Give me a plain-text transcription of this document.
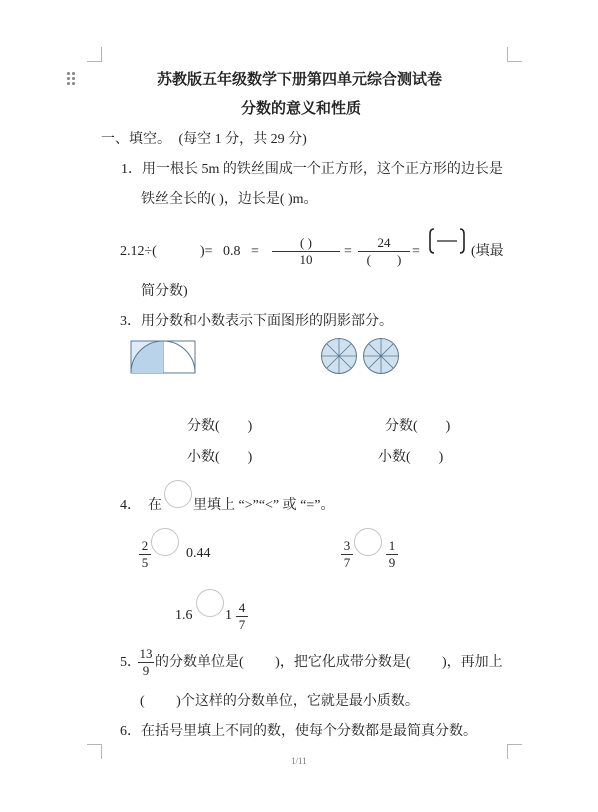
苏教版五年级数学下册第四单元综合测试卷
分数的意义和性质
一、填空。 (每空 1 分，共 29 分)
1．用一根长 5m 的铁丝围成一个正方形，这个正方形的边长是
铁丝全长的( )，边长是( )m。
2.12÷(	)=   0.8   =
( )
10
=
24
(        )
=	(填最
简分数)
3．用分数和小数表示下面图形的阴影部分。
分数(        )	分数(        )
小数(        )	小数(        )
4． 在 里填上 “>”“<” 或 “=”。
2
5
0.44
3
7
1
9
1.6 1
4
7
5．
13
9
的分数单位是(         )，把它化成带分数是(         )，再加上
(         )个这样的分数单位，它就是最小质数。
6．在括号里填上不同的数，使每个分数都是最简真分数。
1/11
